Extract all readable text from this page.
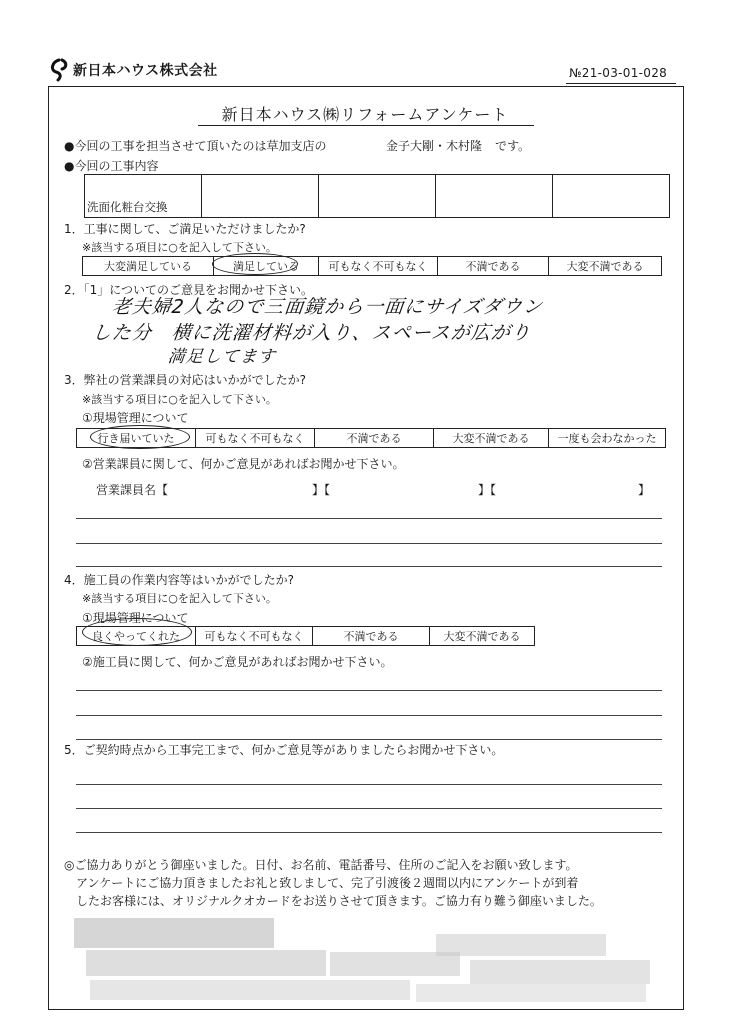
新日本ハウス株式会社	№21-03-01-028
新日本ハウス㈱リフォームアンケート
●今回の工事を担当させて頂いたのは草加支店の	金子大剛・木村隆 です。
●今回の工事内容
洗面化粧台交換				
1．工事に関して、ご満足いただけましたか?
※該当する項目に○を記入して下さい。
大変満足している	満足している	可もなく不可もなく	不満である	大変不満である
2．「1」についてのご意見をお聞かせ下さい。
老夫婦2人なので三面鏡から一面にサイズダウン
した分　横に洗濯材料が入り、スペースが広がり
満足してます
3．弊社の営業課員の対応はいかがでしたか?
※該当する項目に○を記入して下さい。
①現場管理について
行き届いていた	可もなく不可もなく	不満である	大変不満である	一度も会わなかった
②営業課員に関して、何かご意見があればお聞かせ下さい。
営業課員名【	】【	】【	】
4．施工員の作業内容等はいかがでしたか?
※該当する項目に○を記入して下さい。
①現場管理について
良くやってくれた	可もなく不可もなく	不満である	大変不満である
②施工員に関して、何かご意見があればお聞かせ下さい。
5．ご契約時点から工事完工まで、何かご意見等がありましたらお聞かせ下さい。
◎ご協力ありがとう御座いました。日付、お名前、電話番号、住所のご記入をお願い致します。
アンケートにご協力頂きましたお礼と致しまして、完了引渡後２週間以内にアンケートが到着
したお客様には、オリジナルクオカードをお送りさせて頂きます。ご協力有り難う御座いました。
